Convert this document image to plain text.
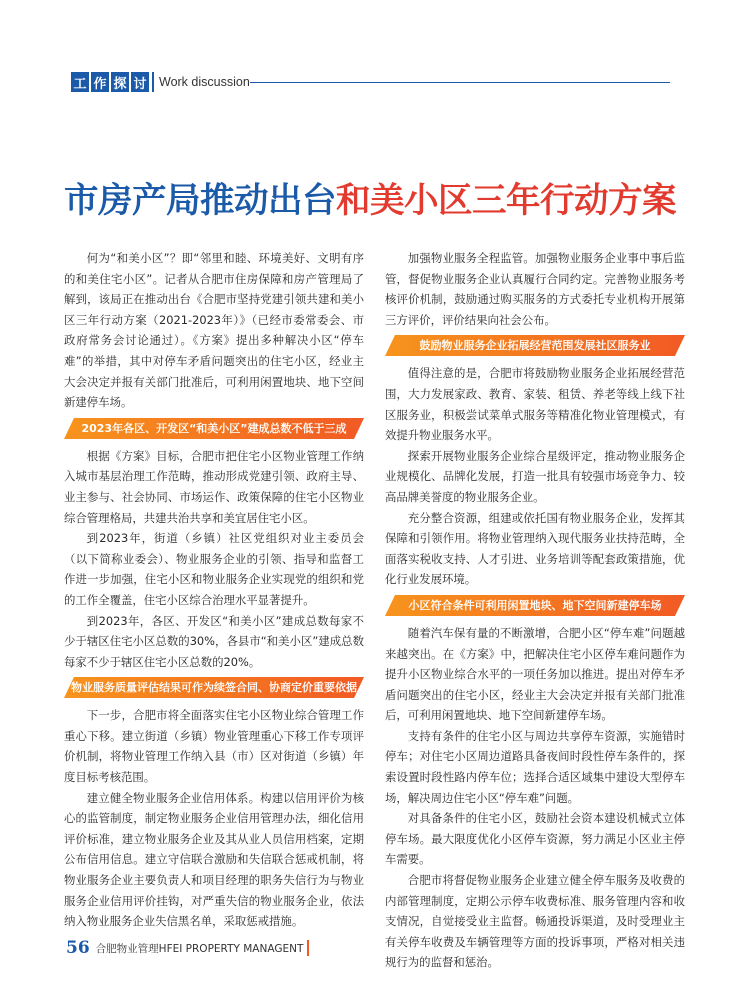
工 作 探 讨 Work discussion
市房产局推动出台和美小区三年行动方案

何为“和美小区”？即“邻里和睦、环境美好、文明有序的和美住宅小区”。记者从合肥市住房保障和房产管理局了解到，该局正在推动出台《合肥市坚持党建引领共建和美小区三年行动方案（2021-2023年）》（已经市委常委会、市政府常务会讨论通过）。《方案》提出多种解决小区“停车难”的举措，其中对停车矛盾问题突出的住宅小区，经业主大会决定并报有关部门批准后，可利用闲置地块、地下空间新建停车场。

2023年各区、开发区“和美小区”建成总数不低于三成

根据《方案》目标，合肥市把住宅小区物业管理工作纳入城市基层治理工作范畴，推动形成党建引领、政府主导、业主参与、社会协同、市场运作、政策保障的住宅小区物业综合管理格局，共建共治共享和美宜居住宅小区。

到2023年，街道（乡镇）社区党组织对业主委员会（以下简称业委会）、物业服务企业的引领、指导和监督工作进一步加强，住宅小区和物业服务企业实现党的组织和党的工作全覆盖，住宅小区综合治理水平显著提升。

到2023年，各区、开发区“和美小区”建成总数每家不少于辖区住宅小区总数的30%，各县市“和美小区”建成总数每家不少于辖区住宅小区总数的20%。

物业服务质量评估结果可作为续签合同、协商定价重要依据

下一步，合肥市将全面落实住宅小区物业综合管理工作重心下移。建立街道（乡镇）物业管理重心下移工作专项评价机制，将物业管理工作纳入县（市）区对街道（乡镇）年度目标考核范围。

建立健全物业服务企业信用体系。构建以信用评价为核心的监管制度，制定物业服务企业信用管理办法，细化信用评价标准，建立物业服务企业及其从业人员信用档案，定期公布信用信息。建立守信联合激励和失信联合惩戒机制，将物业服务企业主要负责人和项目经理的职务失信行为与物业服务企业信用评价挂钩，对严重失信的物业服务企业，依法纳入物业服务企业失信黑名单，采取惩戒措施。

加强物业服务全程监管。加强物业服务企业事中事后监管，督促物业服务企业认真履行合同约定。完善物业服务考核评价机制，鼓励通过购买服务的方式委托专业机构开展第三方评价，评价结果向社会公布。

鼓励物业服务企业拓展经营范围发展社区服务业

值得注意的是，合肥市将鼓励物业服务企业拓展经营范围，大力发展家政、教育、家装、租赁、养老等线上线下社区服务业，积极尝试菜单式服务等精准化物业管理模式，有效提升物业服务水平。

探索开展物业服务企业综合星级评定，推动物业服务企业规模化、品牌化发展，打造一批具有较强市场竞争力、较高品牌美誉度的物业服务企业。

充分整合资源，组建或依托国有物业服务企业，发挥其保障和引领作用。将物业管理纳入现代服务业扶持范畴，全面落实税收支持、人才引进、业务培训等配套政策措施，优化行业发展环境。

小区符合条件可利用闲置地块、地下空间新建停车场

随着汽车保有量的不断激增，合肥小区“停车难”问题越来越突出。在《方案》中，把解决住宅小区停车难问题作为提升小区物业综合水平的一项任务加以推进。提出对停车矛盾问题突出的住宅小区，经业主大会决定并报有关部门批准后，可利用闲置地块、地下空间新建停车场。

支持有条件的住宅小区与周边共享停车资源，实施错时停车；对住宅小区周边道路具备夜间时段性停车条件的，探索设置时段性路内停车位；选择合适区域集中建设大型停车场，解决周边住宅小区“停车难”问题。

对具备条件的住宅小区，鼓励社会资本建设机械式立体停车场。最大限度优化小区停车资源，努力满足小区业主停车需要。

合肥市将督促物业服务企业建立健全停车服务及收费的内部管理制度，定期公示停车收费标准、服务管理内容和收支情况，自觉接受业主监督。畅通投诉渠道，及时受理业主有关停车收费及车辆管理等方面的投诉事项，严格对相关违规行为的监督和惩治。

56 合肥物业管理HFEI PROPERTY MANAGENT
